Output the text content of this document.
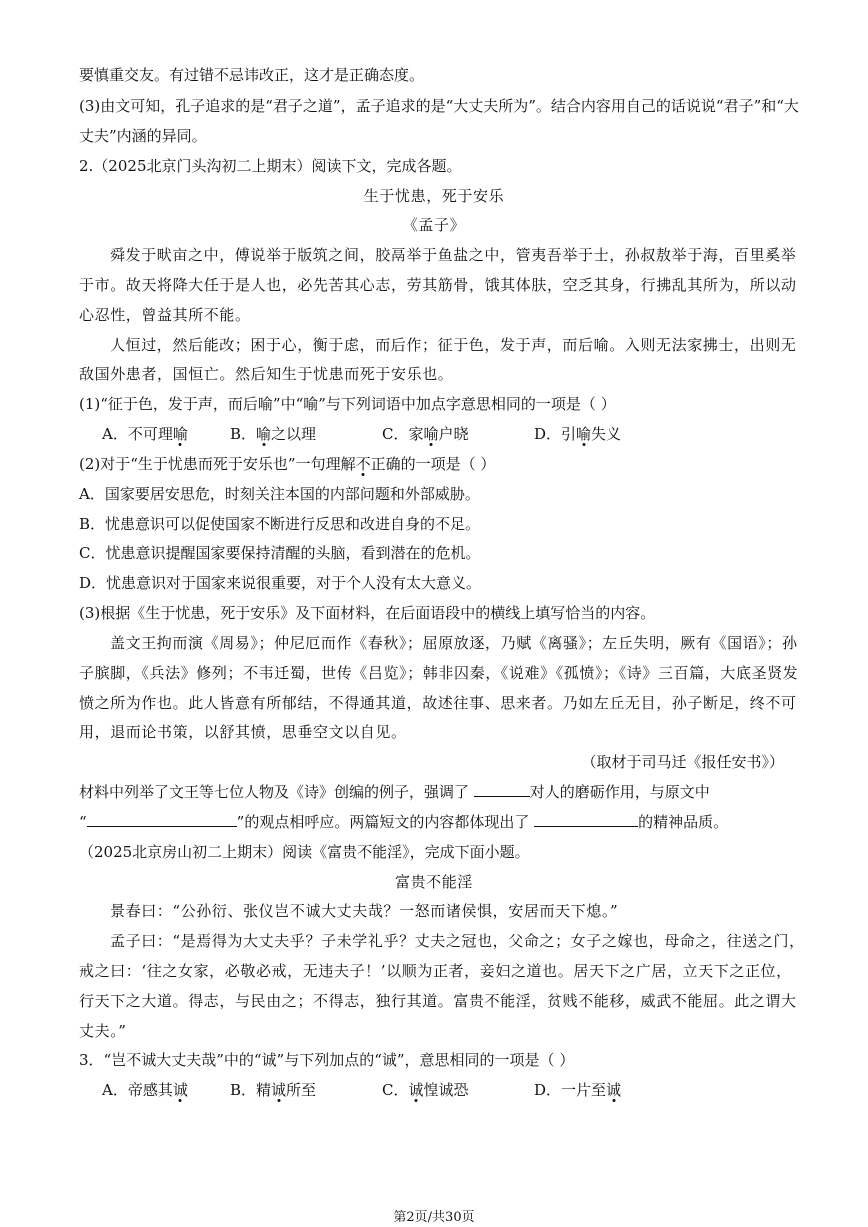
要慎重交友。有过错不忌讳改正，这才是正确态度。
(3)由文可知，孔子追求的是“君子之道”，孟子追求的是“大丈夫所为”。结合内容用自己的话说说“君子”和“大
丈夫”内涵的异同。
2.（2025北京门头沟初二上期末）阅读下文，完成各题。
生于忧患，死于安乐
《孟子》
舜发于畎亩之中，傅说举于版筑之间，胶鬲举于鱼盐之中，管夷吾举于士，孙叔敖举于海，百里奚举
于市。故天将降大任于是人也，必先苦其心志，劳其筋骨，饿其体肤，空乏其身，行拂乱其所为，所以动
心忍性，曾益其所不能。
人恒过，然后能改；困于心，衡于虑，而后作；征于色，发于声，而后喻。入则无法家拂士，出则无
敌国外患者，国恒亡。然后知生于忧患而死于安乐也。
(1)“征于色，发于声，而后喻”中“喻”与下列词语中加点字意思相同的一项是（ ）
A．不可理喻	B．喻之以理	C．家喻户晓	D．引喻失义
(2)对于“生于忧患而死于安乐也”一句理解不正确的一项是（ ）
A．国家要居安思危，时刻关注本国的内部问题和外部威胁。
B．忧患意识可以促使国家不断进行反思和改进自身的不足。
C．忧患意识提醒国家要保持清醒的头脑，看到潜在的危机。
D．忧患意识对于国家来说很重要，对于个人没有太大意义。
(3)根据《生于忧患，死于安乐》及下面材料，在后面语段中的横线上填写恰当的内容。
盖文王拘而演《周易》；仲尼厄而作《春秋》；屈原放逐，乃赋《离骚》；左丘失明，厥有《国语》；孙
子膑脚，《兵法》修列；不韦迁蜀，世传《吕览》；韩非囚秦，《说难》《孤愤》；《诗》三百篇，大底圣贤发
愤之所为作也。此人皆意有所郁结，不得通其道，故述往事、思来者。乃如左丘无目，孙子断足，终不可
用，退而论书策，以舒其愤，思垂空文以自见。
（取材于司马迁《报任安书》）
材料中列举了文王等七位人物及《诗》创编的例子，强调了	对人的磨砺作用，与原文中
“	”的观点相呼应。两篇短文的内容都体现出了	的精神品质。
（2025北京房山初二上期末）阅读《富贵不能淫》，完成下面小题。
富贵不能淫
景春曰：“公孙衍、张仪岂不诚大丈夫哉？一怒而诸侯惧，安居而天下熄。”
孟子曰：“是焉得为大丈夫乎？子未学礼乎？丈夫之冠也，父命之；女子之嫁也，母命之，往送之门，
戒之曰：‘往之女家，必敬必戒，无违夫子！’以顺为正者，妾妇之道也。居天下之广居，立天下之正位，
行天下之大道。得志，与民由之；不得志，独行其道。富贵不能淫，贫贱不能移，威武不能屈。此之谓大
丈夫。”
3．“岂不诚大丈夫哉”中的“诚”与下列加点的“诚”，意思相同的一项是（ ）
A．帝感其诚	B．精诚所至	C．诚惶诚恐	D．一片至诚
第2页/共30页
